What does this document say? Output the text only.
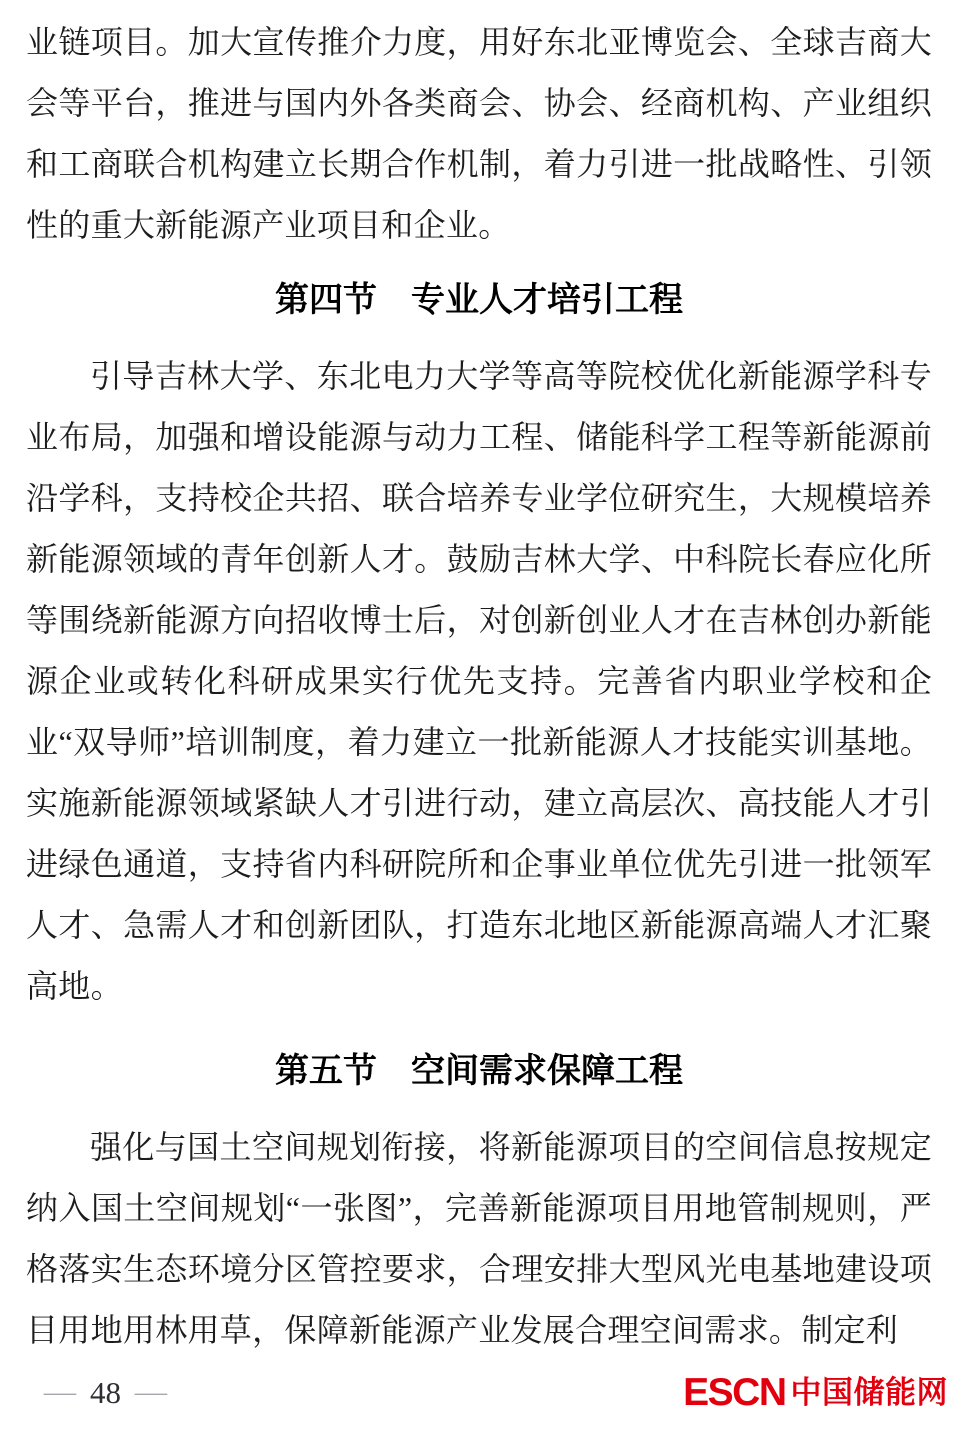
业链项目。加大宣传推介力度，用好东北亚博览会、全球吉商大会等平台，推进与国内外各类商会、协会、经商机构、产业组织和工商联合机构建立长期合作机制，着力引进一批战略性、引领性的重大新能源产业项目和企业。

第四节 专业人才培引工程

引导吉林大学、东北电力大学等高等院校优化新能源学科专业布局，加强和增设能源与动力工程、储能科学工程等新能源前沿学科，支持校企共招、联合培养专业学位研究生，大规模培养新能源领域的青年创新人才。鼓励吉林大学、中科院长春应化所等围绕新能源方向招收博士后，对创新创业人才在吉林创办新能源企业或转化科研成果实行优先支持。完善省内职业学校和企业“双导师”培训制度，着力建立一批新能源人才技能实训基地。实施新能源领域紧缺人才引进行动，建立高层次、高技能人才引进绿色通道，支持省内科研院所和企事业单位优先引进一批领军人才、急需人才和创新团队，打造东北地区新能源高端人才汇聚高地。

第五节 空间需求保障工程

强化与国土空间规划衔接，将新能源项目的空间信息按规定纳入国土空间规划“一张图”，完善新能源项目用地管制规则，严格落实生态环境分区管控要求，合理安排大型风光电基地建设项目用地用林用草，保障新能源产业发展合理空间需求。制定利

— 48 —	ESCN 中国储能网
